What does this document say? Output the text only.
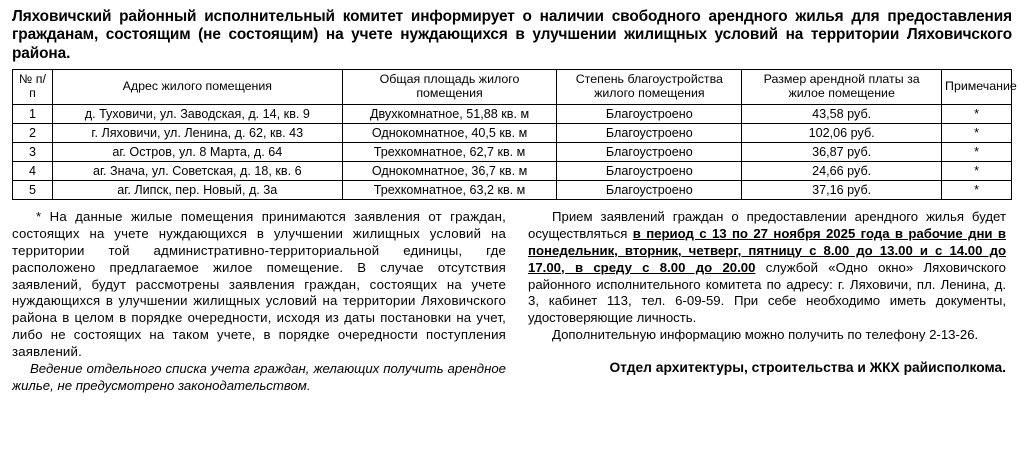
Ляховичский районный исполнительный комитет информирует о наличии свободного арендного жилья для предоставления гражданам, состоящим (не состоящим) на учете нуждающихся в улучшении жилищных условий на территории Ляховичского района.
№ п/п	Адрес жилого помещения	Общая площадь жилого помещения	Степень благоустройства жилого помещения	Размер арендной платы за жилое помещение	Примечание
1	д. Туховичи, ул. Заводская, д. 14, кв. 9	Двухкомнатное, 51,88 кв. м	Благоустроено	43,58 руб.	*
2	г. Ляховичи, ул. Ленина, д. 62, кв. 43	Однокомнатное, 40,5 кв. м	Благоустроено	102,06 руб.	*
3	аг. Остров, ул. 8 Марта, д. 64	Трехкомнатное, 62,7 кв. м	Благоустроено	36,87 руб.	*
4	аг. Знача, ул. Советская, д. 18, кв. 6	Однокомнатное, 36,7 кв. м	Благоустроено	24,66 руб.	*
5	аг. Липск, пер. Новый, д. 3а	Трехкомнатное, 63,2 кв. м	Благоустроено	37,16 руб.	*

* На данные жилые помещения принимаются заявления от граждан, состоящих на учете нуждающихся в улучшении жилищных условий на территории той административно-территориальной единицы, где расположено предлагаемое жилое помещение. В случае отсутствия заявлений, будут рассмотрены заявления граждан, состоящих на учете нуждающихся в улучшении жилищных условий на территории Ляховичского района в целом в порядке очередности, исходя из даты постановки на учет, либо не состоящих на таком учете, в порядке очередности поступления заявлений.

Ведение отдельного списка учета граждан, желающих получить арендное жилье, не предусмотрено законодательством.

Прием заявлений граждан о предоставлении арендного жилья будет осуществляться в период с 13 по 27 ноября 2025 года в рабочие дни в понедельник, вторник, четверг, пятницу с 8.00 до 13.00 и с 14.00 до 17.00, в среду с 8.00 до 20.00 службой «Одно окно» Ляховичского районного исполнительного комитета по адресу: г. Ляховичи, пл. Ленина, д. 3, кабинет 113, тел. 6-09-59. При себе необходимо иметь документы, удостоверяющие личность.

Дополнительную информацию можно получить по телефону 2-13-26.

Отдел архитектуры, строительства и ЖКХ райисполкома.
